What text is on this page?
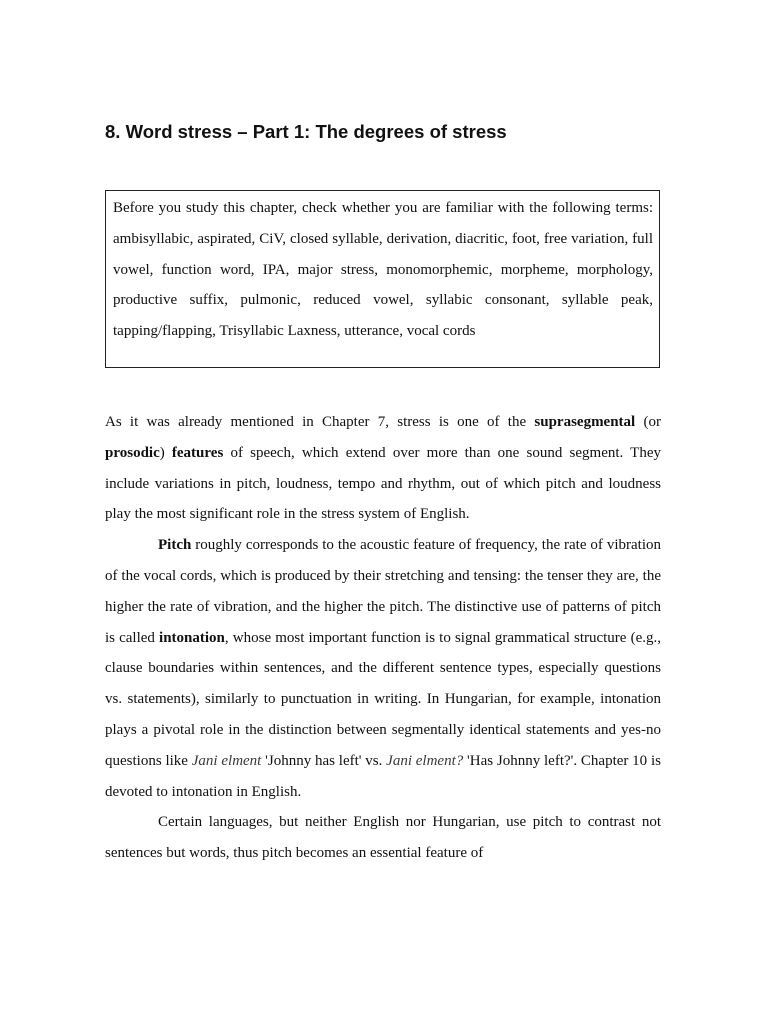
8. Word stress – Part 1: The degrees of stress
Before you study this chapter, check whether you are familiar with the following terms: ambisyllabic, aspirated, CiV, closed syllable, derivation, diacritic, foot, free variation, full vowel, function word, IPA, major stress, monomorphemic, morpheme, morphology, productive suffix, pulmonic, reduced vowel, syllabic consonant, syllable peak, tapping/flapping, Trisyllabic Laxness, utterance, vocal cords

As it was already mentioned in Chapter 7, stress is one of the suprasegmental (or prosodic) features of speech, which extend over more than one sound segment. They include variations in pitch, loudness, tempo and rhythm, out of which pitch and loudness play the most significant role in the stress system of English.

Pitch roughly corresponds to the acoustic feature of frequency, the rate of vibration of the vocal cords, which is produced by their stretching and tensing: the tenser they are, the higher the rate of vibration, and the higher the pitch. The distinctive use of patterns of pitch is called intonation, whose most important function is to signal grammatical structure (e.g., clause boundaries within sentences, and the different sentence types, especially questions vs. statements), similarly to punctuation in writing. In Hungarian, for example, intonation plays a pivotal role in the distinction between segmentally identical statements and yes-no questions like Jani elment 'Johnny has left' vs. Jani elment? 'Has Johnny left?'. Chapter 10 is devoted to intonation in English.

Certain languages, but neither English nor Hungarian, use pitch to contrast not sentences but words, thus pitch becomes an essential feature of
